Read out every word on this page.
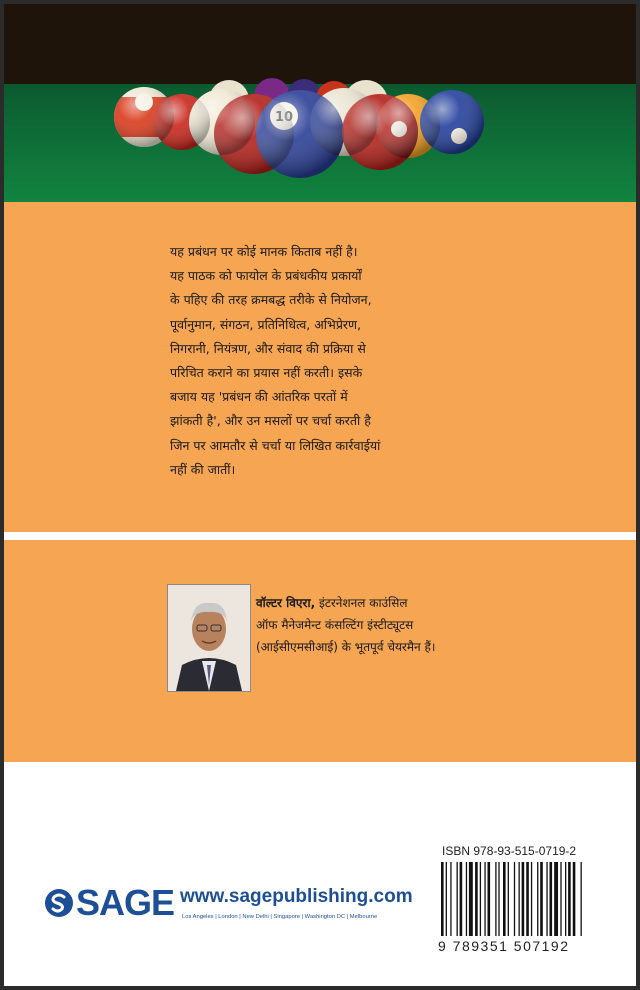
यह प्रबंधन पर कोई मानक किताब नहीं है।

यह पाठक को फायोल के प्रबंधकीय प्रकार्यों

के पहिए की तरह क्रमबद्ध तरीके से नियोजन,

पूर्वानुमान, संगठन, प्रतिनिधित्व, अभिप्रेरण,

निगरानी, नियंत्रण, और संवाद की प्रक्रिया से

परिचित कराने का प्रयास नहीं करती। इसके

बजाय यह 'प्रबंधन की आंतरिक परतों में

झांकती है', और उन मसलों पर चर्चा करती है

जिन पर आमतौर से चर्चा या लिखित कार्रवाईयां

नहीं की जातीं।

वॉल्टर विएरा, इंटरनेशनल काउंसिल

ऑफ मैनेजमेन्ट कंसल्टिंग इंस्टीट्यूटस

(आईसीएमसीआई) के भूतपूर्व चेयरमैन हैं।

ISBN 978-93-515-0719-2
9 789351 507192
SAGE www.sagepublishing.com
Los Angeles | London | New Delhi | Singapore | Washington DC | Melbourne
